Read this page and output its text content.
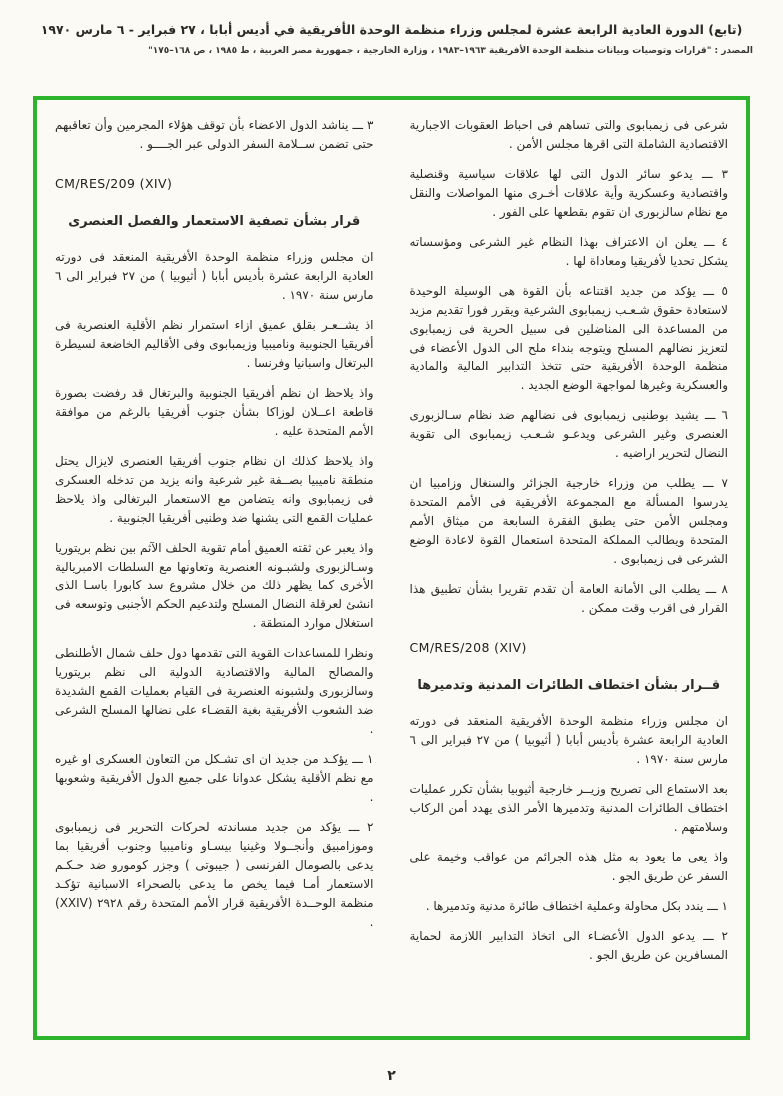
(تابع) الدورة العادية الرابعة عشرة لمجلس وزراء منظمة الوحدة الأفريقية في أديس أبابا ، ٢٧ فبراير - ٦ مارس ١٩٧٠
المصدر : "قرارات وتوصيات وبيانات منظمة الوحدة الأفريقية ١٩٦٣–١٩٨٣ ، وزارة الخارجية ، جمهورية مصر العربية ، ط ١٩٨٥ ، ص ١٦٨–١٧٥"
شرعى فى زيمبابوى والتى تساهم فى احباط العقوبات الاجبارية الاقتصادية الشاملة التى اقرها مجلس الأمن .
٣ ـــ يدعو سائر الدول التى لها علاقات سياسية وقنصلية واقتصادية وعسكرية وأية علاقات أخـرى منها المواصلات والنقل مع نظام سالزبورى ان تقوم بقطعها على الفور .
٤ ـــ يعلن ان الاعتراف بهذا النظام غير الشرعى ومؤسساته يشكل تحديا لأفريقيا ومعاداة لها .
٥ ـــ يؤكد من جديد اقتناعه بأن القوة هى الوسيلة الوحيدة لاستعادة حقوق شـعـب زيمبابوى الشرعية ويقرر فورا تقديم مزيد من المساعدة الى المناضلين فى سبيل الحرية فى زيمبابوى لتعزيز نضالهم المسلح ويتوجه بنداء ملح الى الدول الأعضاء فى منظمة الوحدة الأفريقية حتى تتخذ التدابير المالية والمادية والعسكرية وغيرها لمواجهة الوضع الجديد .
٦ ـــ يشيد بوطنيى زيمبابوى فى نضالهم ضد نظام سـالزبورى العنصرى وغير الشرعى ويدعـو شـعـب زيمبابوى الى تقوية النضال لتحرير اراضيه .
٧ ـــ يطلب من وزراء خارجية الجزائر والسنغال وزامبيا ان يدرسوا المسألة مع المجموعة الأفريقية فى الأمم المتحدة ومجلس الأمن حتى يطبق الفقرة السابعة من ميثاق الأمم المتحدة ويطالب المملكة المتحدة استعمال القوة لاعادة الوضع الشرعى فى زيمبابوى .
٨ ـــ يطلب الى الأمانة العامة أن تقدم تقريرا بشأن تطبيق هذا القرار فى اقرب وقت ممكن .
CM/RES/208 (XIV)
قــرار بشأن اختطاف الطائرات المدنية وتدميرها
ان مجلس وزراء منظمة الوحدة الأفريقية المنعقد فى دورته العادية الرابعة عشرة بأديس أبابا ( أثيوبيا ) من ٢٧ فبراير الى ٦ مارس سنة ١٩٧٠ .
بعد الاستماع الى تصريح وزيــر خارجية أثيوبيا بشأن تكرر عمليات اختطاف الطائرات المدنية وتدميرها الأمر الذى يهدد أمن الركاب وسلامتهم .
واذ يعى ما يعود به مثل هذه الجرائم من عواقب وخيمة على السفر عن طريق الجو .
١ ـــ يندد بكل محاولة وعملية اختطاف طائرة مدنية وتدميرها .
٢ ـــ يدعو الدول الأعضـاء الى اتخاذ التدابير اللازمة لحماية المسافرين عن طريق الجو .
٣ ـــ يناشد الدول الاعضاء بأن توقف هؤلاء المجرمين وأن تعاقبهم حتى تضمن ســلامة السفر الدولى عبر الجــــو .
CM/RES/209 (XIV)
قرار بشأن تصفية الاستعمار والفصل العنصرى
ان مجلس وزراء منظمة الوحدة الأفريقية المنعقد فى دورته العادية الرابعة عشرة بأديس أبابا ( أثيوبيا ) من ٢٧ فبراير الى ٦ مارس سنة ١٩٧٠ .
اذ يشــعـر بقلق عميق ازاء استمرار نظم الأقلية العنصرية فى أفريقيا الجنوبية وناميبيا وزيمبابوى وفى الأقاليم الخاضعة لسيطرة البرتغال واسبانيا وفرنسا .
واذ يلاحظ ان نظم أفريقيا الجنوبية والبرتغال قد رفضت بصورة قاطعة اعــلان لوزاكا بشأن جنوب أفريقيا بالرغم من موافقة الأمم المتحدة عليه .
واذ يلاحظ كذلك ان نظام جنوب أفريقيا العنصرى لايزال يحتل منطقة ناميبيا بصــفة غير شرعية وانه يزيد من تدخله العسكرى فى زيمبابوى وانه يتضامن مع الاستعمار البرتغالى واذ يلاحظ عمليات القمع التى يشنها ضد وطنيى أفريقيا الجنوبية .
واذ يعبر عن ثقته العميق أمام تقوية الحلف الآثم بين نظم بريتوريا وسـالزبورى ولشبـونه العنصرية وتعاونها مع السلطات الامبريالية الأخرى كما يظهر ذلك من خلال مشروع سد كابورا باسـا الذى انشئ لعرقلة النضال المسلح ولتدعيم الحكم الأجنبى وتوسعه فى استغلال موارد المنطقة .
ونظرا للمساعدات القوية التى تقدمها دول حلف شمال الأطلنطى والمصالح المالية والاقتصادية الدولية الى نظم بريتوريا وسالزبورى ولشبونه العنصرية فى القيام بعمليات القمع الشديدة ضد الشعوب الأفريقية بغية القضـاء على نضالها المسلح الشرعى .
١ ـــ يؤكـد من جديد ان اى تشـكل من التعاون العسكرى او غيره مع نظم الأقلية يشكل عدوانا على جميع الدول الأفريقية وشعوبها .
٢ ـــ يؤكد من جديد مساندته لحركات التحرير فى زيمبابوى وموزامبيق وأنجــولا وغينيا بيسـاو وناميبيا وجنوب أفريقيا بما يدعى بالصومال الفرنسى ( جيبوتى ) وجزر كومورو ضد حـكـم الاستعمار أمـا فيما يخص ما يدعى بالصحراء الاسبانية تؤكـد منظمة الوحــدة الأفريقية قرار الأمم المتحدة رقم ٢٩٢٨ (XXIV) .
٢
